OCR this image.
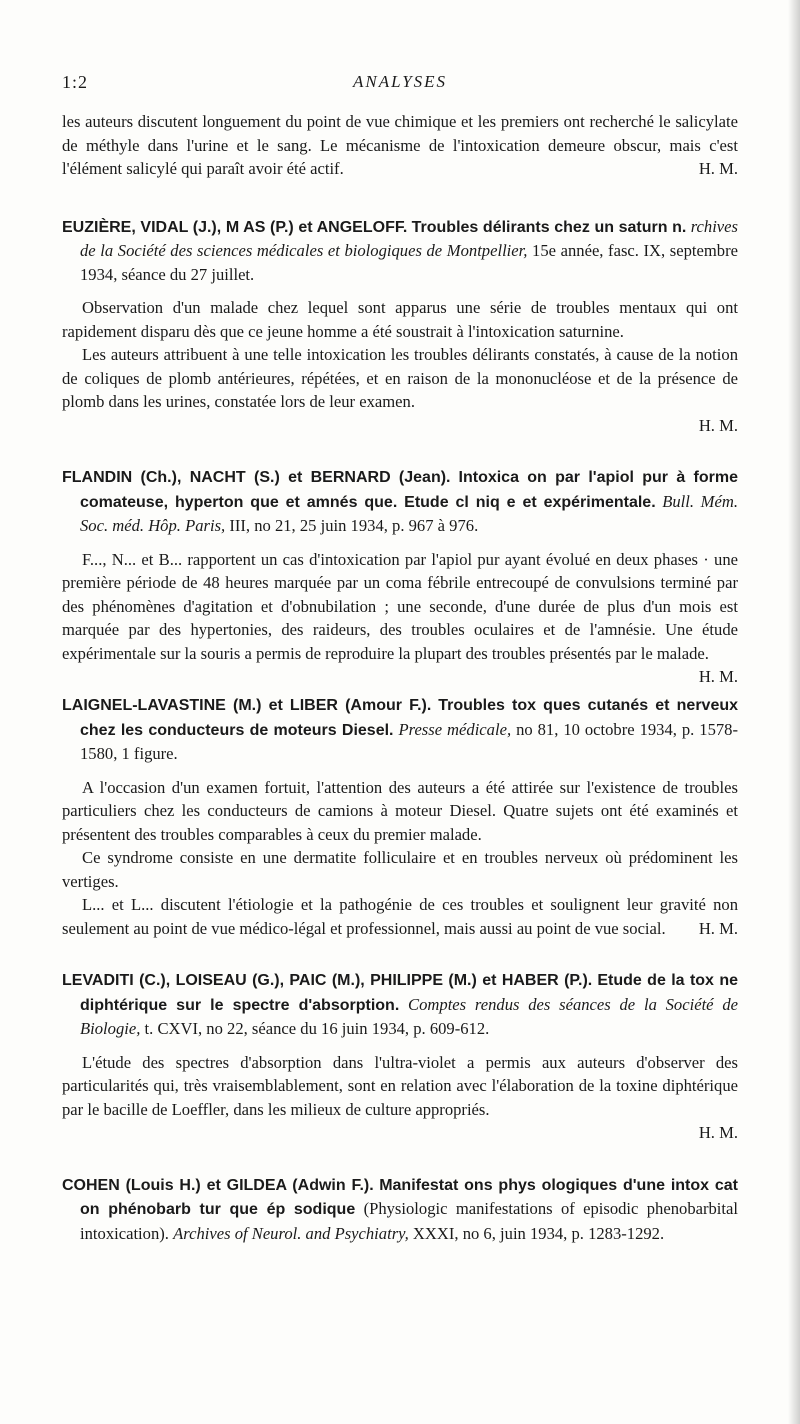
1:2	ANALYSES

les auteurs discutent longuement du point de vue chimique et les premiers ont recherché le salicylate de méthyle dans l'urine et le sang. Le mécanisme de l'intoxication demeure obscur, mais c'est l'élément salicylé qui paraît avoir été actif.	H. M.

EUZIÈRE, VIDAL (J.), M AS (P.) et ANGELOFF. Troubles délirants chez un saturn n. rchives de la Société des sciences médicales et biologiques de Montpellier, 15e année, fasc. IX, septembre 1934, séance du 27 juillet.

Observation d'un malade chez lequel sont apparus une série de troubles mentaux qui ont rapidement disparu dès que ce jeune homme a été soustrait à l'intoxication saturnine.

Les auteurs attribuent à une telle intoxication les troubles délirants constatés, à cause de la notion de coliques de plomb antérieures, répétées, et en raison de la mononucléose et de la présence de plomb dans les urines, constatée lors de leur examen.

H. M.

FLANDIN (Ch.), NACHT (S.) et BERNARD (Jean). Intoxica on par l'apiol pur à forme comateuse, hyperton que et amnés que. Etude cl niq e et expérimentale. Bull. Mém. Soc. méd. Hôp. Paris, III, no 21, 25 juin 1934, p. 967 à 976.

F..., N... et B... rapportent un cas d'intoxication par l'apiol pur ayant évolué en deux phases · une première période de 48 heures marquée par un coma fébrile entrecoupé de convulsions terminé par des phénomènes d'agitation et d'obnubilation ; une seconde, d'une durée de plus d'un mois est marquée par des hypertonies, des raideurs, des troubles oculaires et de l'amnésie. Une étude expérimentale sur la souris a permis de reproduire la plupart des troubles présentés par le malade.
H. M.

LAIGNEL-LAVASTINE (M.) et LIBER (Amour F.). Troubles tox ques cutanés et nerveux chez les conducteurs de moteurs Diesel. Presse médicale, no 81, 10 octobre 1934, p. 1578-1580, 1 figure.

A l'occasion d'un examen fortuit, l'attention des auteurs a été attirée sur l'existence de troubles particuliers chez les conducteurs de camions à moteur Diesel. Quatre sujets ont été examinés et présentent des troubles comparables à ceux du premier malade.

Ce syndrome consiste en une dermatite folliculaire et en troubles nerveux où prédominent les vertiges.

L... et L... discutent l'étiologie et la pathogénie de ces troubles et soulignent leur gravité non seulement au point de vue médico-légal et professionnel, mais aussi au point de vue social.	H. M.

LEVADITI (C.), LOISEAU (G.), PAIC (M.), PHILIPPE (M.) et HABER (P.). Etude de la tox ne diphtérique sur le spectre d'absorption. Comptes rendus des séances de la Société de Biologie, t. CXVI, no 22, séance du 16 juin 1934, p. 609-612.

L'étude des spectres d'absorption dans l'ultra-violet a permis aux auteurs d'observer des particularités qui, très vraisemblablement, sont en relation avec l'élaboration de la toxine diphtérique par le bacille de Loeffler, dans les milieux de culture appropriés.

H. M.

COHEN (Louis H.) et GILDEA (Adwin F.). Manifestat ons phys ologiques d'une intox cat on phénobarb tur que ép sodique (Physiologic manifestations of episodic phenobarbital intoxication). Archives of Neurol. and Psychiatry, XXXI, no 6, juin 1934, p. 1283-1292.
